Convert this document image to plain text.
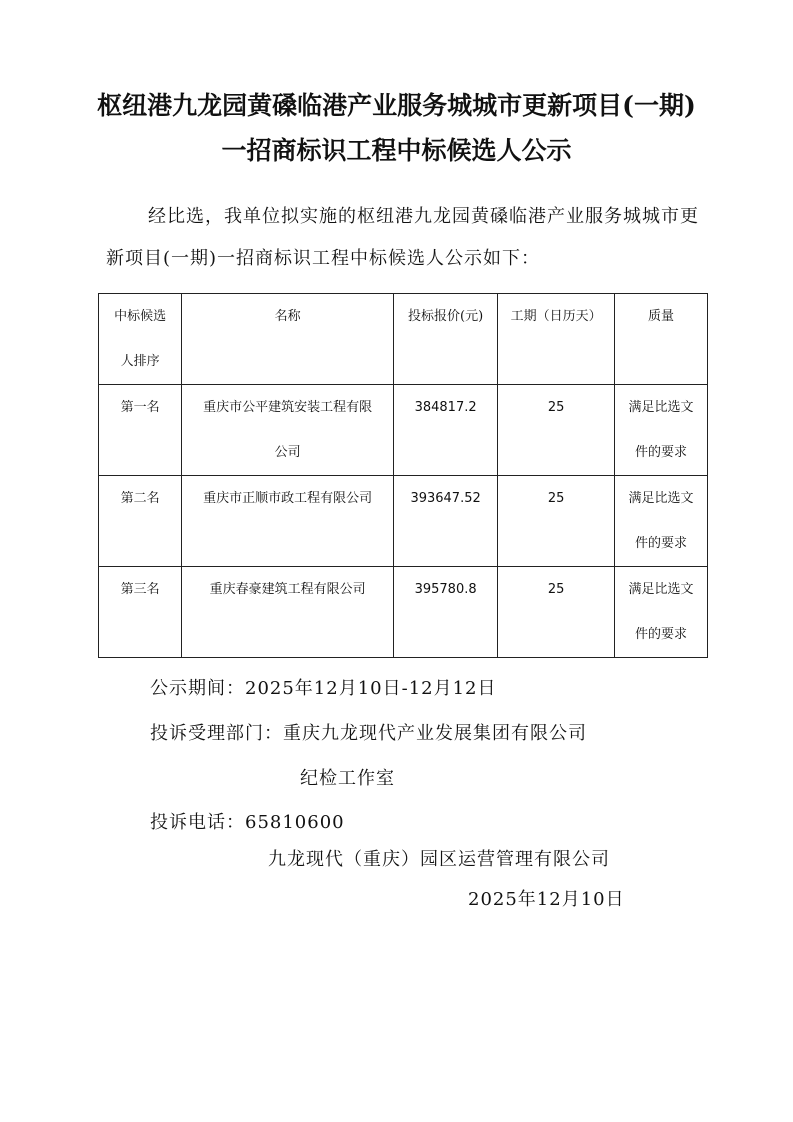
枢纽港九龙园黄磉临港产业服务城城市更新项目(一期)
一招商标识工程中标候选人公示
经比选，我单位拟实施的枢纽港九龙园黄磉临港产业服务城城市更
新项目(一期)一招商标识工程中标候选人公示如下：
中标候选
人排序	名称	投标报价(元)	工期（日历天）	质量
第一名	重庆市公平建筑安装工程有限
公司	384817.2	25	满足比选文
件的要求
第二名	重庆市正顺市政工程有限公司	393647.52	25	满足比选文
件的要求
第三名	重庆春豪建筑工程有限公司	395780.8	25	满足比选文
件的要求
公示期间：2025年12月10日-12月12日
投诉受理部门：重庆九龙现代产业发展集团有限公司
纪检工作室
投诉电话：65810600
九龙现代（重庆）园区运营管理有限公司
2025年12月10日
